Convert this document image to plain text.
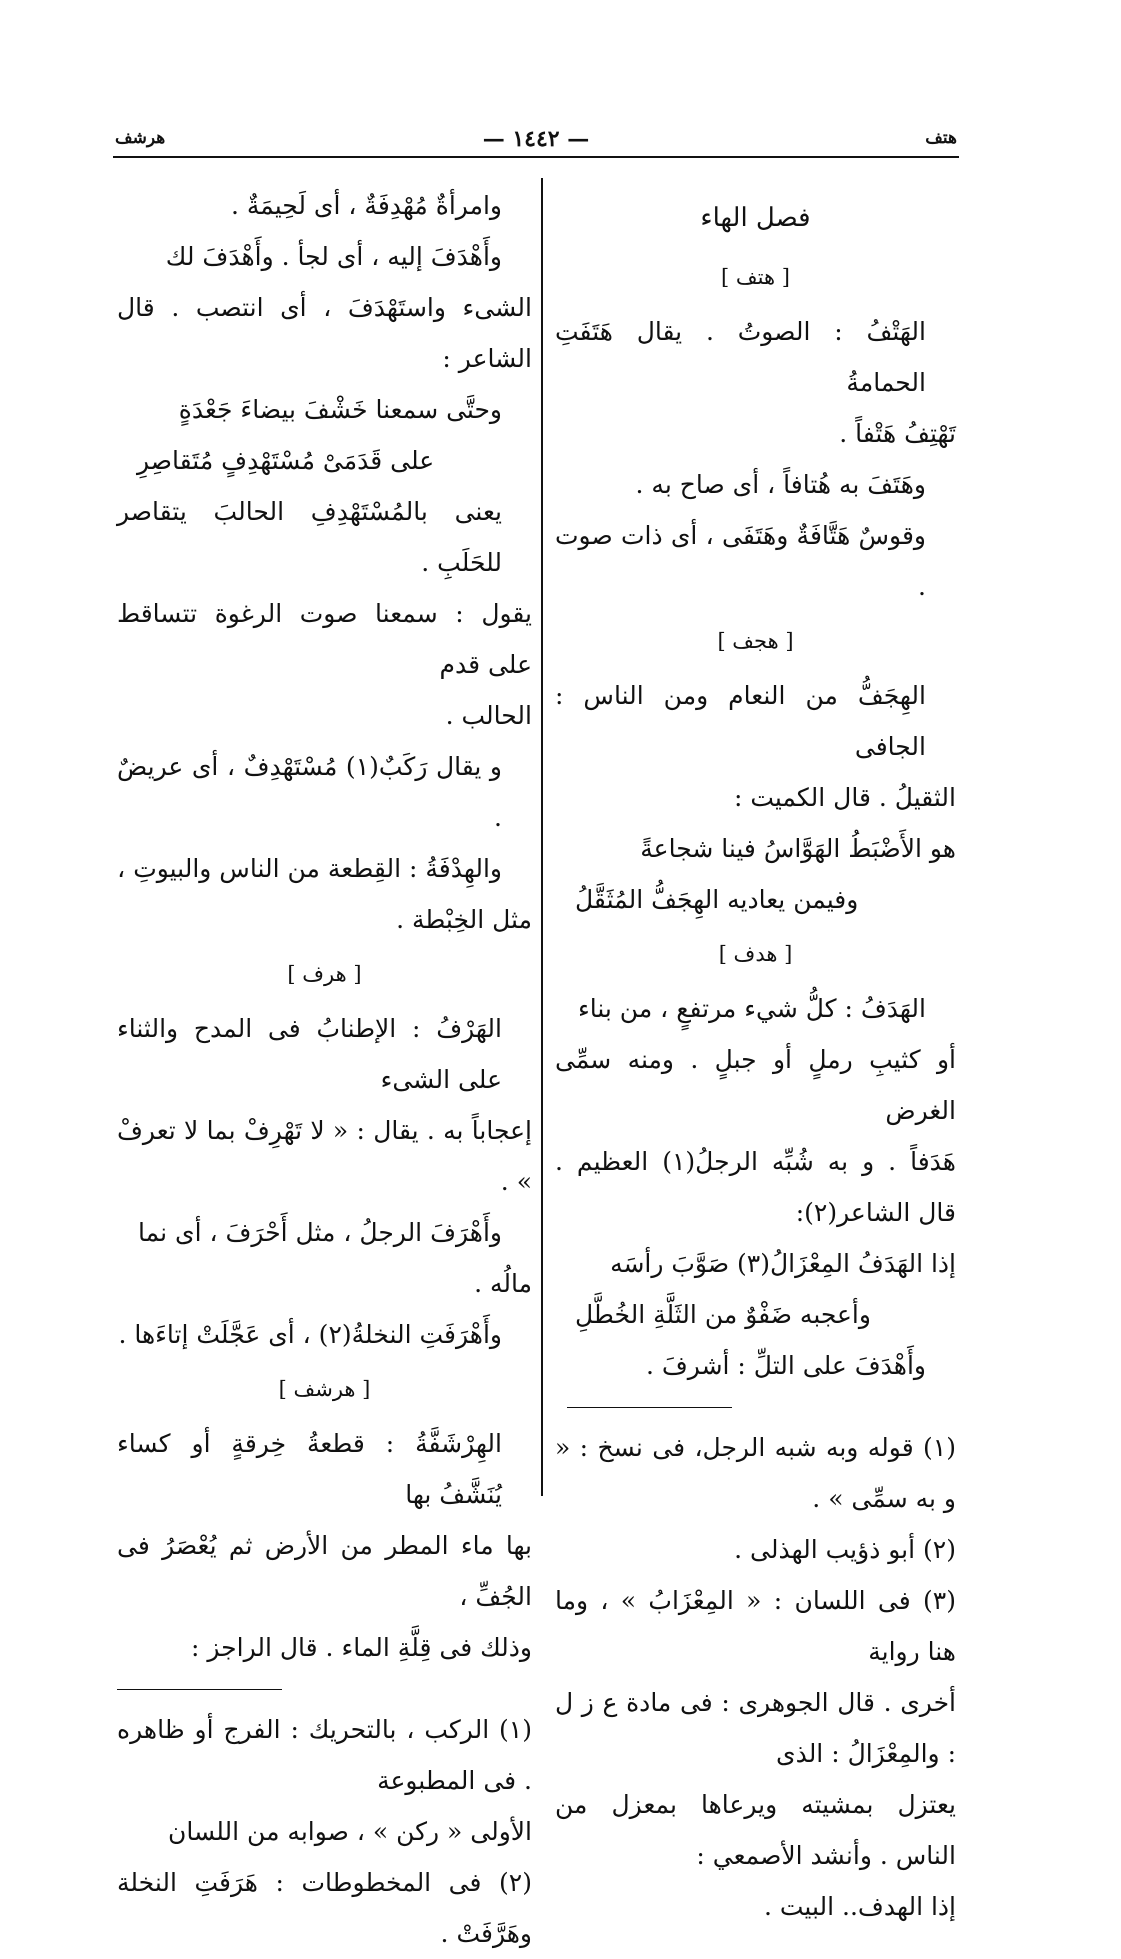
هتف
— ١٤٤٢ —
هرشف

فصل الهاء

[ هتف ]

الهَتْفُ : الصوتُ . يقال هَتَفَتِ الحمامةُ

تَهْتِفُ هَتْفاً .

وهَتَفَ به هُتافاً ، أى صاح به .

وقوسٌ هَتَّافَةٌ وهَتَفَى ، أى ذات صوت .

[ هجف ]

الهِجَفُّ من النعام ومن الناس : الجافى

الثقيلُ . قال الكميت :

هو الأَضْبَطُ الهَوَّاسُ فينا شجاعةً

وفيمن يعاديه الهِجَفُّ المُثَقَّلُ

[ هدف ]

الهَدَفُ : كلُّ شيء مرتفعٍ ، من بناء

أو كثيبِ رملٍ أو جبلٍ . ومنه سمِّى الغرض

هَدَفاً . و به شُبِّه الرجلُ(١) العظيم . قال الشاعر(٢):

إذا الهَدَفُ المِعْزَالُ(٣) صَوَّبَ رأسَه

وأعجبه ضَفْوٌ من الثَلَّةِ الخُطَّلِ

وأَهْدَفَ على التلِّ : أشرفَ .

(١) قوله وبه شبه الرجل، فى نسخ : « و به سمِّى » .

(٢) أبو ذؤيب الهذلى .

(٣) فى اللسان : « المِعْزَابُ » ، وما هنا رواية

أخرى . قال الجوهرى : فى مادة ع ز ل : والمِعْزَالُ : الذى

يعتزل بمشيته ويرعاها بمعزل من الناس . وأنشد الأصمعي :

إذا الهدف.. البيت .

وامرأةٌ مُهْدِفَةٌ ، أى لَحِيمَةٌ .

وأَهْدَفَ إليه ، أى لجأ . وأَهْدَفَ لك

الشىء واستَهْدَفَ ، أى انتصب . قال الشاعر :

وحتَّى سمعنا خَشْفَ بيضاءَ جَعْدَةٍ

على قَدَمَىْ مُسْتَهْدِفٍ مُتَقاصِرِ

يعنى بالمُسْتَهْدِفِ الحالبَ يتقاصر للحَلَبِ .

يقول : سمعنا صوت الرغوة تتساقط على قدم

الحالب .

و يقال رَكَبٌ(١) مُسْتَهْدِفٌ ، أى عريضٌ .

والهِدْفَةُ : القِطعة من الناس والبيوتِ ،

مثل الخِبْطة .

[ هرف ]

الهَرْفُ : الإطنابُ فى المدح والثناء على الشىء

إعجاباً به . يقال : « لا تَهْرِفْ بما لا تعرفْ » .

وأَهْرَفَ الرجلُ ، مثل أَحْرَفَ ، أى نما

مالُه .

وأَهْرَفَتِ النخلةُ(٢) ، أى عَجَّلَتْ إتاءَها .

[ هرشف ]

الهِرْشَفَّةُ : قطعةُ خِرقةٍ أو كساء يُنَشَّفُ بها

بها ماء المطر من الأرض ثم يُعْصَرُ فى الجُفِّ ،

وذلك فى قِلَّةِ الماء . قال الراجز :

(١) الركب ، بالتحريك : الفرج أو ظاهره . فى المطبوعة

الأولى « ركن » ، صوابه من اللسان

(٢) فى المخطوطات : هَرَفَتِ النخلة وهَرَّفَتْ .
